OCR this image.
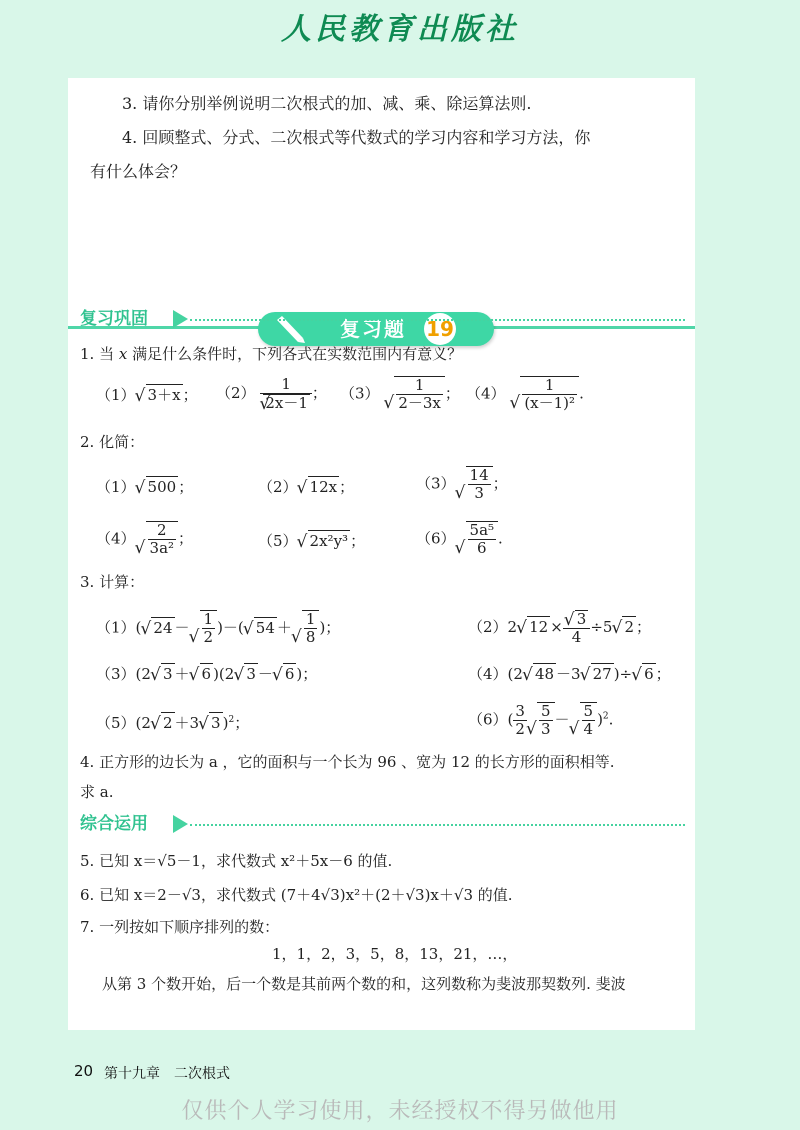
人民教育出版社
3. 请你分别举例说明二次根式的加、减、乘、除运算法则.
4. 回顾整式、分式、二次根式等代数式的学习内容和学习方法，你
有什么体会？
复习题 19
复习巩固
1. 当 x 满足什么条件时，下列各式在实数范围内有意义？
（1）√ 3＋x ； （2） 1
√ 2x－1 ； （3）
√ $\frac{1}{2-3x}$ ； （4）
√ $\frac{1}{\text{(x－1)²}}$ .
2. 化简：
（1）√ 500 ；	（2）√ 12x ；	（3）
√ $\frac{14}{3}$ ；
（4）
√ $\frac{2}{\text{3a²}}$ ；	（5）√ 2x²y³ ；	（6）
√ $\frac{\text{5a⁵}}{6}$ .
3. 计算：
（1）(√ 24 －
√ $\frac{1}{2}$ )－(√ 54 ＋
√ $\frac{1}{8}$ )；	（2）2√ 12 ×
√ $\frac{3}{4} \div 5√$ 2 ；
（3）(2√ 3 ＋√ 6 )(2√ 3 －√ 6 )；	（4）(2√ 48 －3√ 27 )÷√ 6 ；
（5）(2√ 2 ＋3√ 3 )$^2$；	$(6)( \frac{3}{2}$
√ $\frac{5}{3}$ －
√ $\frac{5}{4} )^2$.
4. 正方形的边长为 a ，它的面积与一个长为 96 、宽为 12 的长方形的面积相等.
求 a.
综合运用
5. 已知 x＝√5－1，求代数式 x²＋5x－6 的值.
6. 已知 x＝2－√3，求代数式 (7＋4√3)x²＋(2＋√3)x＋√3 的值.
7. 一列按如下顺序排列的数：
1，1，2，3，5，8，13，21，…，
从第 3 个数开始，后一个数是其前两个数的和，这列数称为斐波那契数列. 斐波
20 第十九章　二次根式
仅供个人学习使用，未经授权不得另做他用
